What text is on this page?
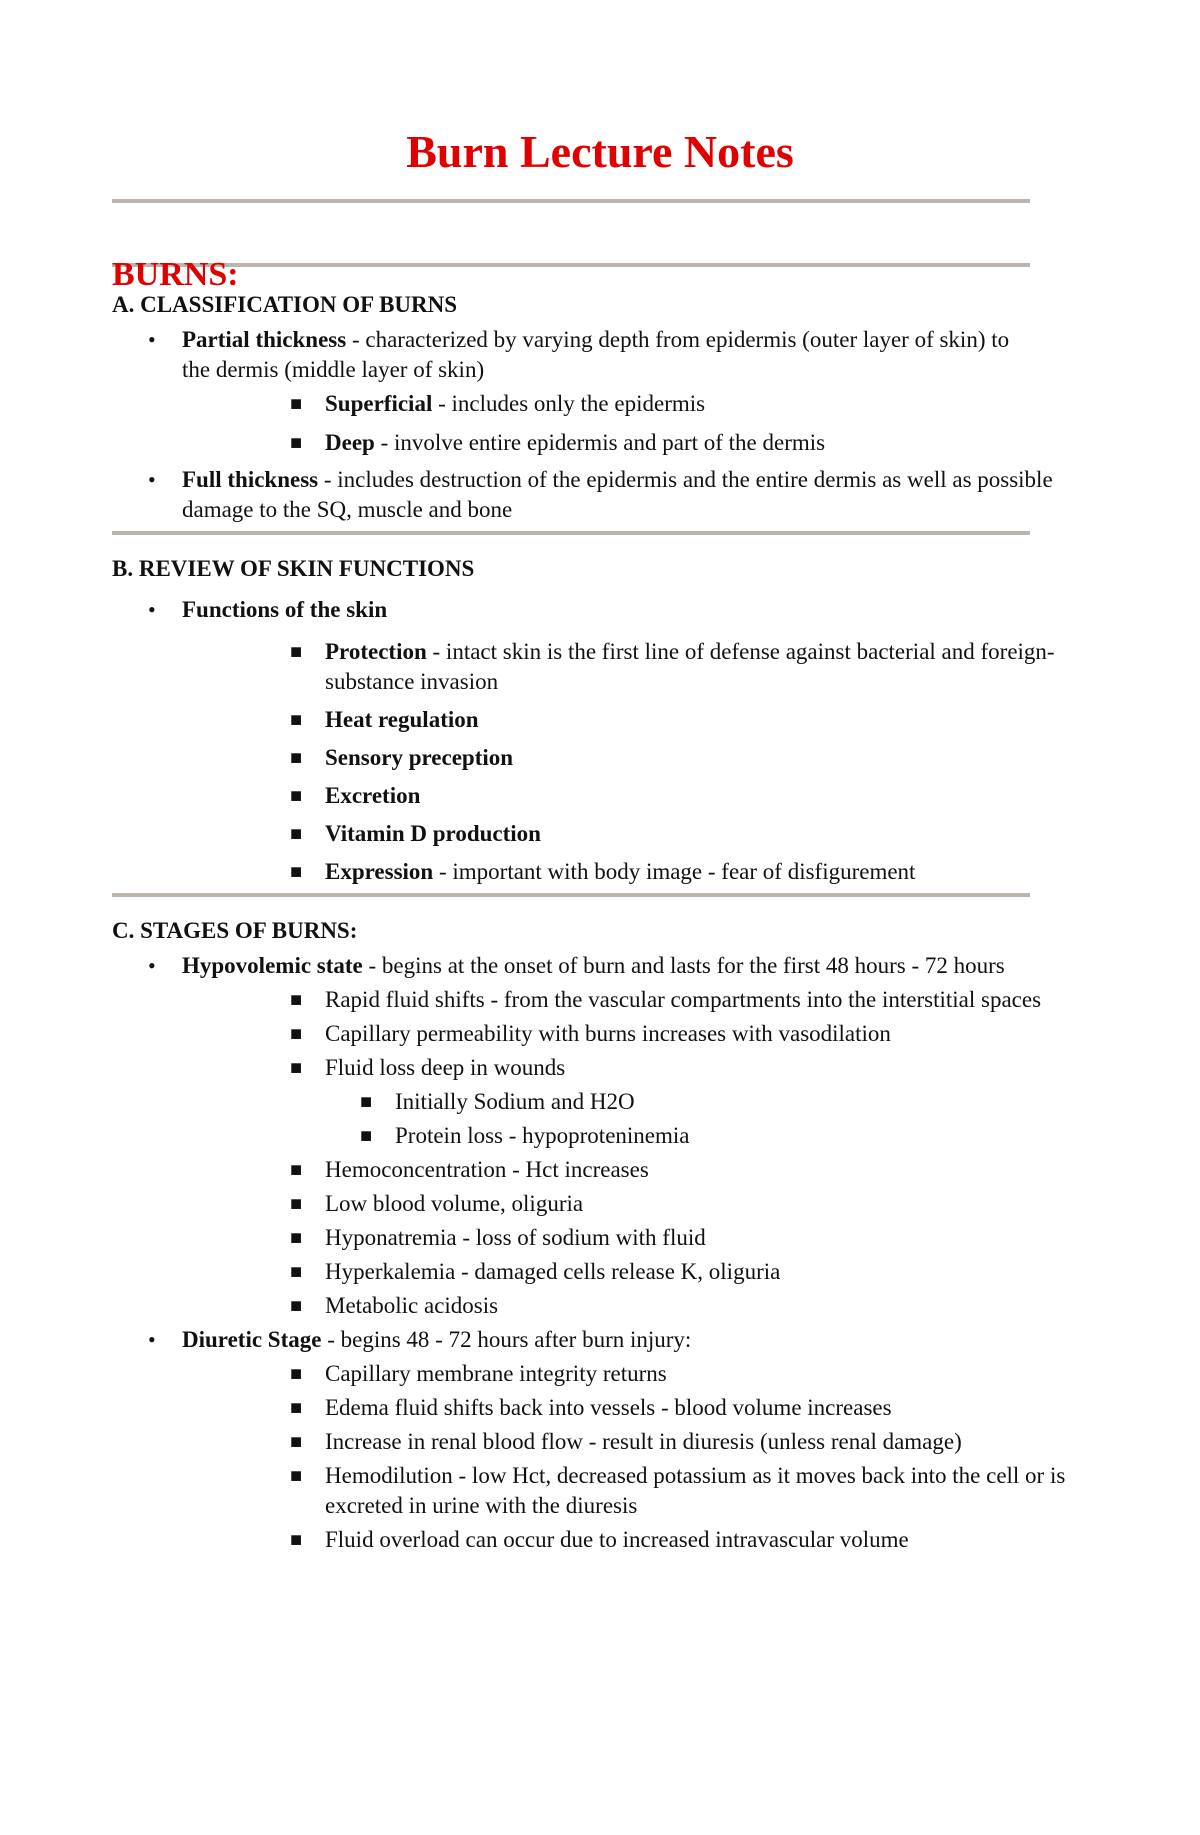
Burn Lecture Notes
BURNS:
A. CLASSIFICATION OF BURNS
• Partial thickness - characterized by varying depth from epidermis (outer layer of skin) to the dermis (middle layer of skin)
■ Superficial - includes only the epidermis
■ Deep - involve entire epidermis and part of the dermis
• Full thickness - includes destruction of the epidermis and the entire dermis as well as possible damage to the SQ, muscle and bone
B. REVIEW OF SKIN FUNCTIONS
• Functions of the skin
■ Protection - intact skin is the first line of defense against bacterial and foreign-substance invasion
■ Heat regulation
■ Sensory preception
■ Excretion
■ Vitamin D production
■ Expression - important with body image - fear of disfigurement
C. STAGES OF BURNS:
• Hypovolemic state - begins at the onset of burn and lasts for the first 48 hours - 72 hours
■ Rapid fluid shifts - from the vascular compartments into the interstitial spaces
■ Capillary permeability with burns increases with vasodilation
■ Fluid loss deep in wounds
■ Initially Sodium and H2O
■ Protein loss - hypoproteninemia
■ Hemoconcentration - Hct increases
■ Low blood volume, oliguria
■ Hyponatremia - loss of sodium with fluid
■ Hyperkalemia - damaged cells release K, oliguria
■ Metabolic acidosis
• Diuretic Stage - begins 48 - 72 hours after burn injury:
■ Capillary membrane integrity returns
■ Edema fluid shifts back into vessels - blood volume increases
■ Increase in renal blood flow - result in diuresis (unless renal damage)
■ Hemodilution - low Hct, decreased potassium as it moves back into the cell or is excreted in urine with the diuresis
■ Fluid overload can occur due to increased intravascular volume
